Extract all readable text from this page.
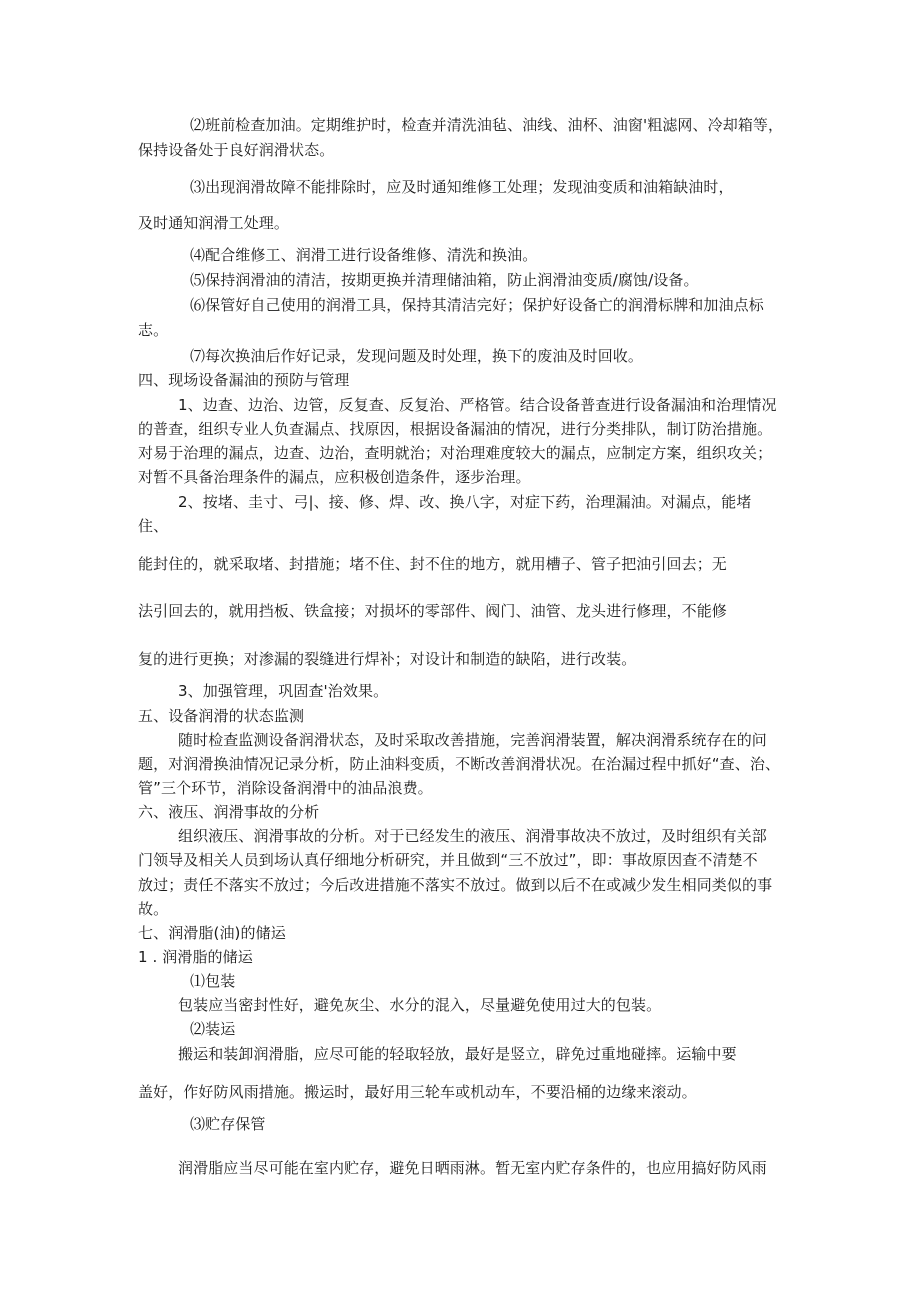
⑵班前检查加油。定期维护时，检查并清洗油毡、油线、油杯、油窗'粗滤网、冷却箱等，
保持设备处于良好润滑状态。
⑶出现润滑故障不能排除时，应及时通知维修工处理；发现油变质和油箱缺油时，
及时通知润滑工处理。
⑷配合维修工、润滑工进行设备维修、清洗和换油。
⑸保持润滑油的清洁，按期更换并清理储油箱，防止润滑油变质/腐蚀/设备。
⑹保管好自己使用的润滑工具，保持其清洁完好；保护好设备亡的润滑标牌和加油点标
志。
⑺每次换油后作好记录，发现问题及时处理，换下的废油及时回收。
四、现场设备漏油的预防与管理
1、边查、边治、边管，反复查、反复治、严格管。结合设备普查进行设备漏油和治理情况
的普查，组织专业人负查漏点、找原因，根据设备漏油的情况，进行分类排队，制订防治措施。
对易于治理的漏点，边查、边治，查明就治；对治理难度较大的漏点，应制定方案，组织攻关；
对暂不具备治理条件的漏点，应积极创造条件，逐步治理。
2、按堵、圭寸、弓|、接、修、焊、改、换八字，对症下药，治理漏油。对漏点，能堵
住、
能封住的，就采取堵、封措施；堵不住、封不住的地方，就用槽子、管子把油引回去；无
法引回去的，就用挡板、铁盒接；对损坏的零部件、阀门、油管、龙头进行修理，不能修
复的进行更换；对渗漏的裂缝进行焊补；对设计和制造的缺陷，进行改装。
3、加强管理，巩固查'治效果。
五、设备润滑的状态监测
随时检查监测设备润滑状态，及时采取改善措施，完善润滑装置，解决润滑系统存在的问
题，对润滑换油情况记录分析，防止油料变质，不断改善润滑状况。在治漏过程中抓好“查、治、
管”三个环节，消除设备润滑中的油品浪费。
六、液压、润滑事故的分析
组织液压、润滑事故的分析。对于已经发生的液压、润滑事故决不放过，及时组织有关部
门领导及相关人员到场认真仔细地分析研究，并且做到“三不放过”，即：事故原因查不清楚不
放过；责任不落实不放过；今后改进措施不落实不放过。做到以后不在或减少发生相同类似的事
故。
七、润滑脂(油)的储运
1 . 润滑脂的储运
⑴包装
包装应当密封性好，避免灰尘、水分的混入，尽量避免使用过大的包装。
⑵装运
搬运和装卸润滑脂，应尽可能的轻取轻放，最好是竖立，辟免过重地碰摔。运输中要
盖好，作好防风雨措施。搬运时，最好用三轮车或机动车，不要沿桶的边缘来滚动。
⑶贮存保管
润滑脂应当尽可能在室内贮存，避免日晒雨淋。暂无室内贮存条件的，也应用搞好防风雨
